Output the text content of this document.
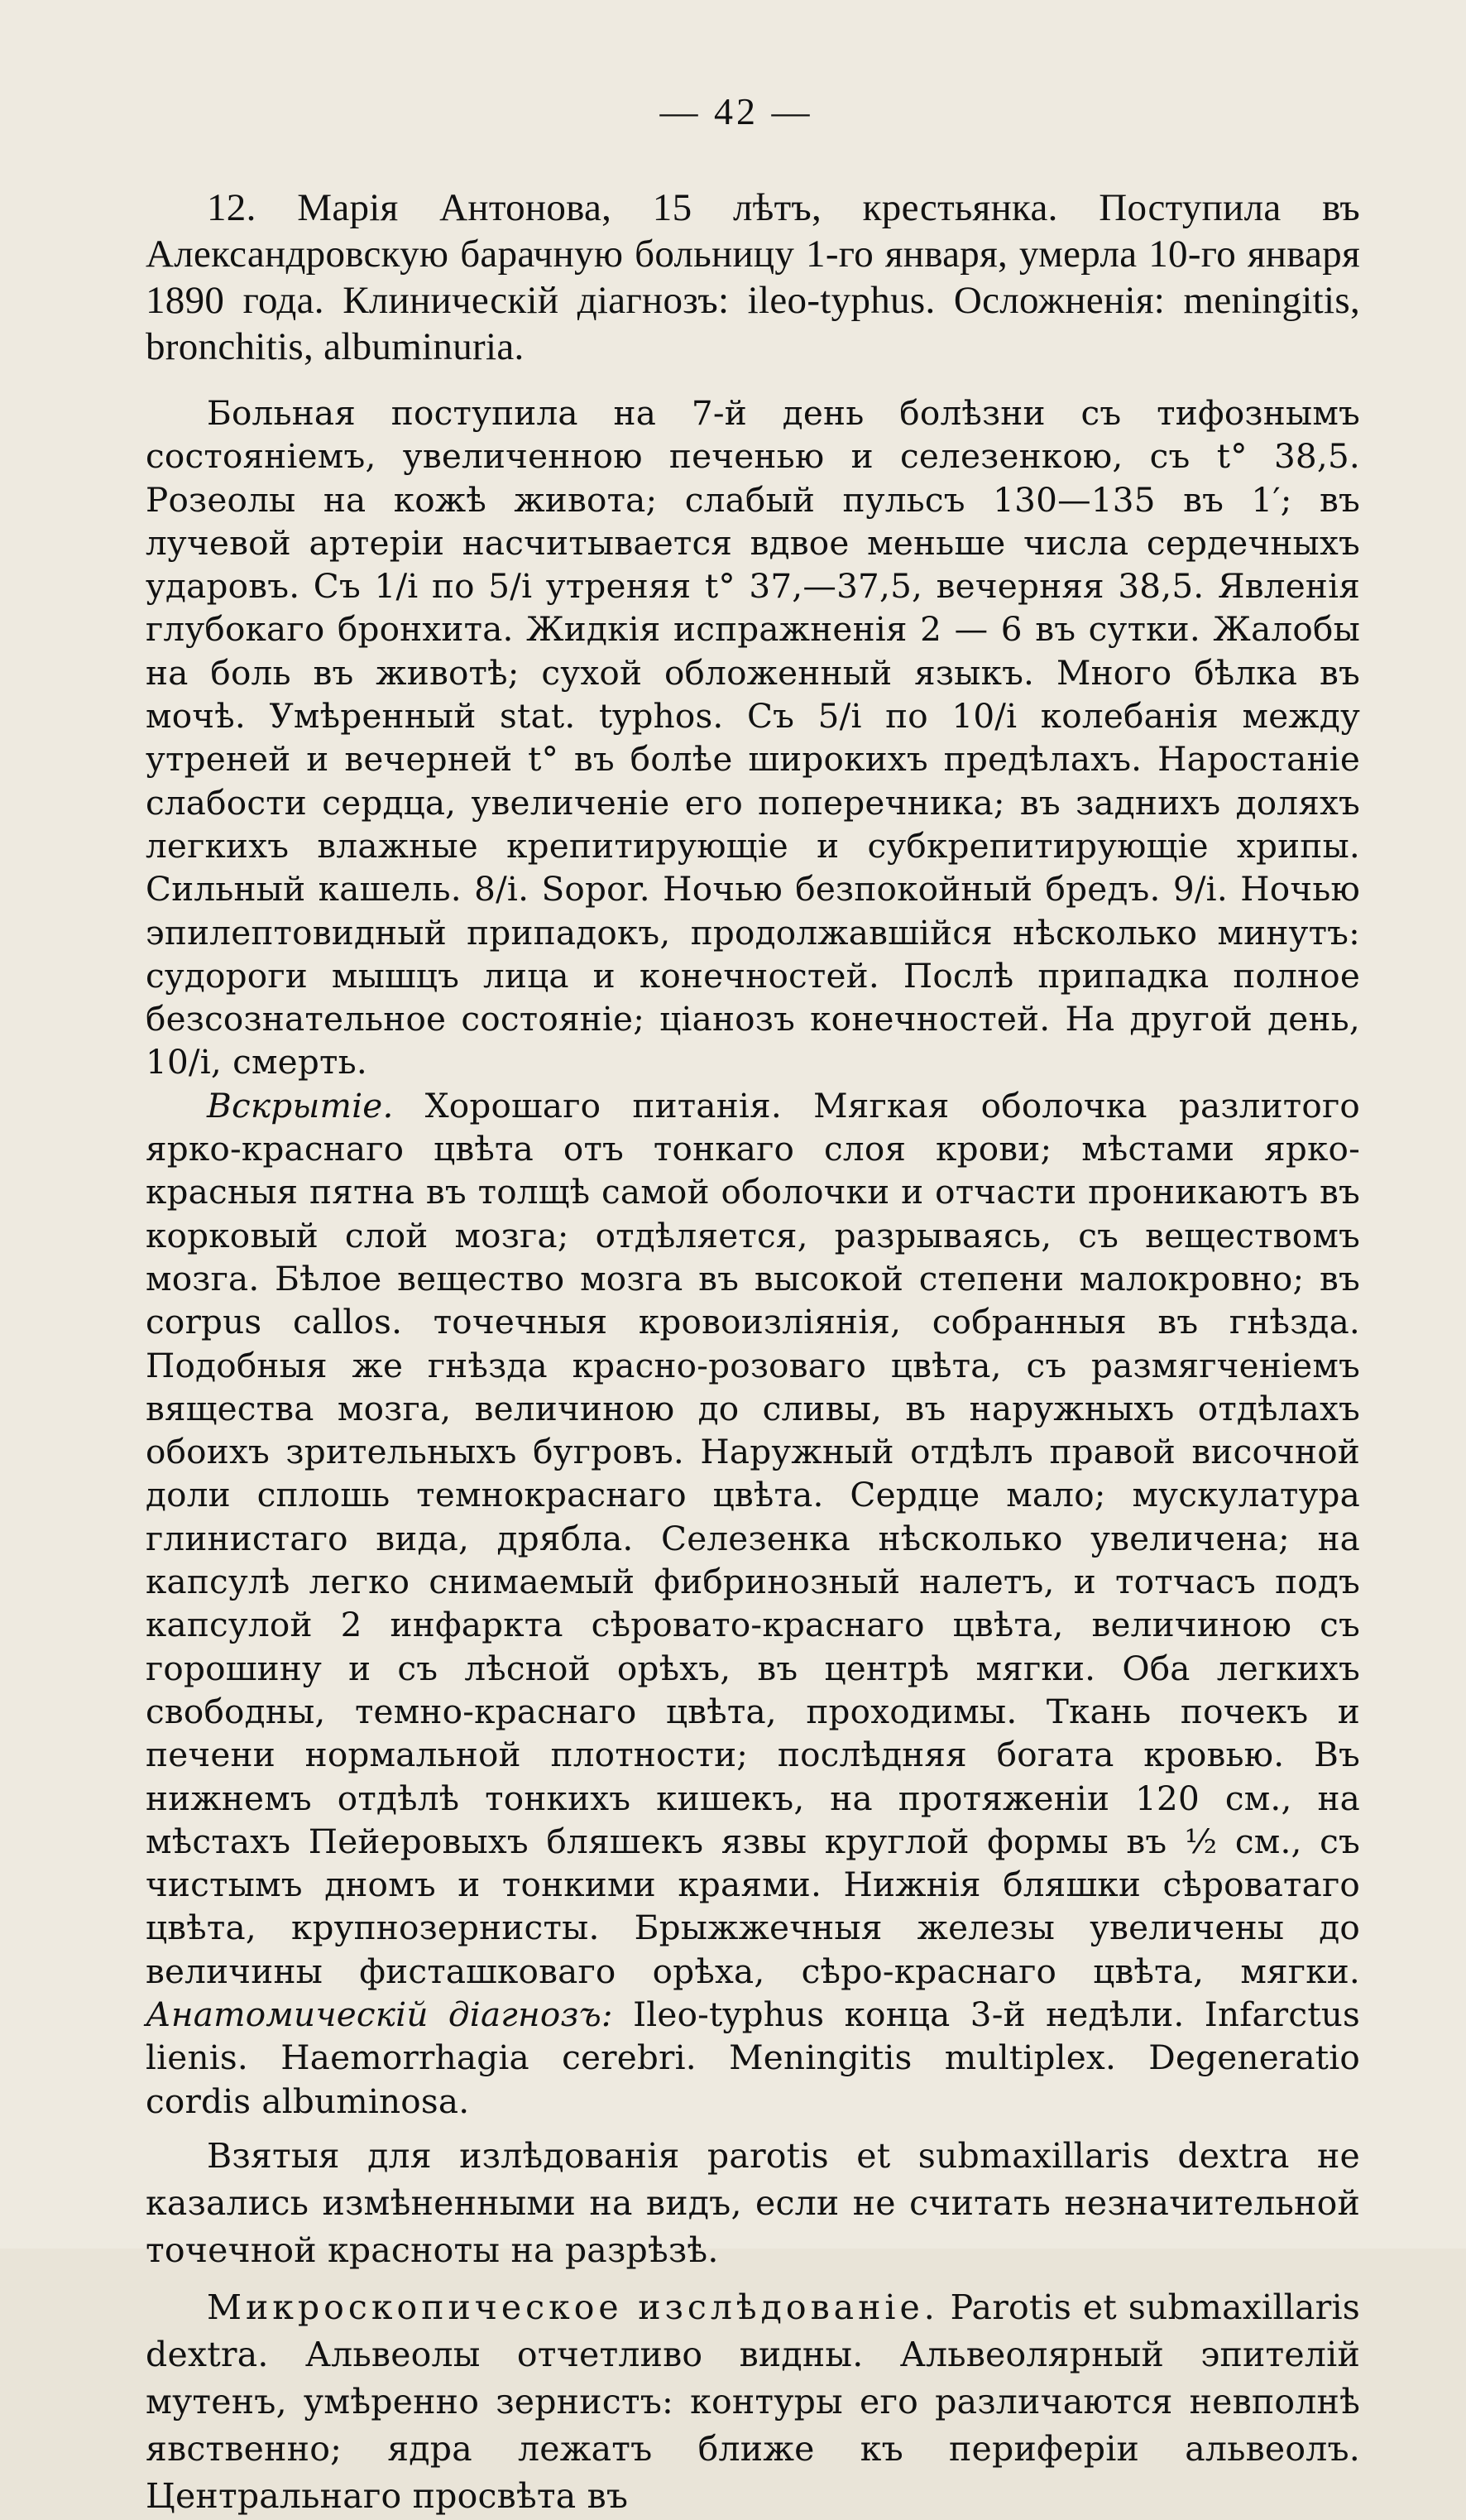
— 42 —

12. Марія Антонова, 15 лѣтъ, крестьянка. Поступила въ Александровскую барачную больницу 1-го января, умерла 10-го января 1890 года. Клиническій діагнозъ: ileo-typhus. Осложненія: meningitis, bronchitis, albuminuria.

Больная поступила на 7-й день болѣзни съ тифознымъ состояніемъ, увеличенною печенью и селезенкою, съ t° 38,5. Розеолы на кожѣ живота; слабый пульсъ 130—135 въ 1′; въ лучевой артеріи насчитывается вдвое меньше числа сердечныхъ ударовъ. Съ 1/i по 5/i утреняя t° 37,—37,5, вечерняя 38,5. Явленія глубокаго бронхита. Жидкія испражненія 2 — 6 въ сутки. Жалобы на боль въ животѣ; сухой обложенный языкъ. Много бѣлка въ мочѣ. Умѣренный stat. typhos. Съ 5/i по 10/i колебанія между утреней и вечерней t° въ болѣе широкихъ предѣлахъ. Наростаніе слабости сердца, увеличеніе его поперечника; въ заднихъ доляхъ легкихъ влажные крепитирующіе и субкрепитирующіе хрипы. Сильный кашель. 8/i. Sopor. Ночью безпокойный бредъ. 9/i. Ночью эпилептовидный припадокъ, продолжавшійся нѣсколько минутъ: судороги мышцъ лица и конечностей. Послѣ припадка полное безсознательное состояніе; ціанозъ конечностей. На другой день, 10/i, смерть.

Вскрытіе. Хорошаго питанія. Мягкая оболочка разлитого ярко-краснаго цвѣта отъ тонкаго слоя крови; мѣстами ярко-красныя пятна въ толщѣ самой оболочки и отчасти проникаютъ въ корковый слой мозга; отдѣляется, разрываясь, съ веществомъ мозга. Бѣлое вещество мозга въ высокой степени малокровно; въ corpus callos. точечныя кровоизліянія, собранныя въ гнѣзда. Подобныя же гнѣзда красно-розоваго цвѣта, съ размягченіемъ вящества мозга, величиною до сливы, въ наружныхъ отдѣлахъ обоихъ зрительныхъ бугровъ. Наружный отдѣлъ правой височной доли сплошь темнокраснаго цвѣта. Сердце мало; мускулатура глинистаго вида, дрябла. Селезенка нѣсколько увеличена; на капсулѣ легко снимаемый фибринозный налетъ, и тотчасъ подъ капсулой 2 инфаркта сѣровато-краснаго цвѣта, величиною съ горошину и съ лѣсной орѣхъ, въ центрѣ мягки. Оба легкихъ свободны, темно-краснаго цвѣта, проходимы. Ткань почекъ и печени нормальной плотности; послѣдняя богата кровью. Въ нижнемъ отдѣлѣ тонкихъ кишекъ, на протяженіи 120 см., на мѣстахъ Пейеровыхъ бляшекъ язвы круглой формы въ ½ см., съ чистымъ дномъ и тонкими краями. Нижнія бляшки сѣроватаго цвѣта, крупнозернисты. Брыжжечныя железы увеличены до величины фисташковаго орѣха, сѣро-краснаго цвѣта, мягки. Анатомическій діагнозъ: Ileo-typhus конца 3-й недѣли. Infarctus lienis. Haemorrhagia cerebri. Meningitis multiplex. Degeneratio cordis albuminosa.

Взятыя для излѣдованія parotis et submaxillaris dextra не казались измѣненными на видъ, если не считать незначительной точечной красноты на разрѣзѣ.

Микроскопическое изслѣдованіе. Parotis et submaxillaris dextra. Альвеолы отчетливо видны. Альвеолярный эпителій мутенъ, умѣренно зернистъ: контуры его различаются невполнѣ явственно; ядра лежатъ ближе къ периферіи альвеолъ. Центральнаго просвѣта въ
